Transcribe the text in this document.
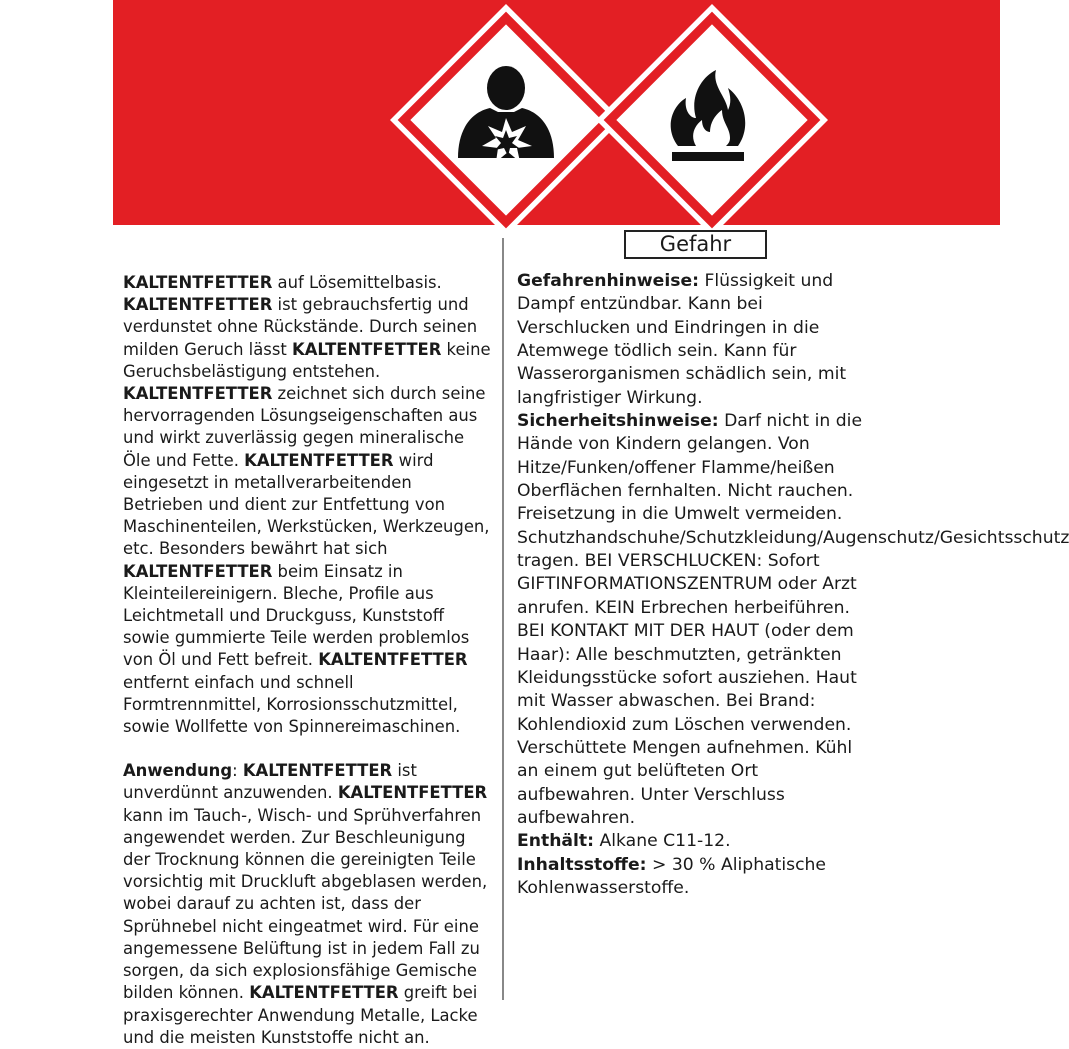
Gefahr

KALTENTFETTER auf Lösemittelbasis.
KALTENTFETTER ist gebrauchsfertig und verdunstet ohne Rückstände. Durch seinen milden Geruch lässt KALTENTFETTER keine Geruchsbelästigung entstehen. KALTENTFETTER zeichnet sich durch seine hervorragenden Lösungseigenschaften aus und wirkt zuverlässig gegen mineralische Öle und Fette. KALTENTFETTER wird eingesetzt in metallverarbeitenden Betrieben und dient zur Entfettung von Maschinenteilen, Werkstücken, Werkzeugen, etc. Besonders bewährt hat sich KALTENTFETTER beim Einsatz in Kleinteilereinigern. Bleche, Profile aus Leichtmetall und Druckguss, Kunststoff sowie gummierte Teile werden problemlos von Öl und Fett befreit. KALTENTFETTER entfernt einfach und schnell Formtrennmittel, Korrosionsschutzmittel, sowie Wollfette von Spinnereimaschinen.

Anwendung: KALTENTFETTER ist unverdünnt anzuwenden. KALTENTFETTER kann im Tauch-, Wisch- und Sprühverfahren angewendet werden. Zur Beschleunigung der Trocknung können die gereinigten Teile vorsichtig mit Druckluft abgeblasen werden, wobei darauf zu achten ist, dass der Sprühnebel nicht eingeatmet wird. Für eine angemessene Belüftung ist in jedem Fall zu sorgen, da sich explosionsfähige Gemische bilden können. KALTENTFETTER greift bei praxisgerechter Anwendung Metalle, Lacke und die meisten Kunststoffe nicht an.

Gefahrenhinweise: Flüssigkeit und Dampf entzündbar. Kann bei Verschlucken und Eindringen in die Atemwege tödlich sein. Kann für Wasserorganismen schädlich sein, mit langfristiger Wirkung.

Sicherheitshinweise: Darf nicht in die Hände von Kindern gelangen. Von Hitze/Funken/offener Flamme/heißen Oberflächen fernhalten. Nicht rauchen. Freisetzung in die Umwelt vermeiden. Schutzhandschuhe/Schutzkleidung/Augenschutz/Gesichtsschutz tragen. BEI VERSCHLUCKEN: Sofort GIFTINFORMATIONSZENTRUM oder Arzt anrufen. KEIN Erbrechen herbeiführen. BEI KONTAKT MIT DER HAUT (oder dem Haar): Alle beschmutzten, getränkten Kleidungsstücke sofort ausziehen. Haut mit Wasser abwaschen. Bei Brand: Kohlendioxid zum Löschen verwenden. Verschüttete Mengen aufnehmen. Kühl an einem gut belüfteten Ort aufbewahren. Unter Verschluss aufbewahren.

Enthält: Alkane C11-12.

Inhaltsstoffe: > 30 % Aliphatische Kohlenwasserstoffe.
